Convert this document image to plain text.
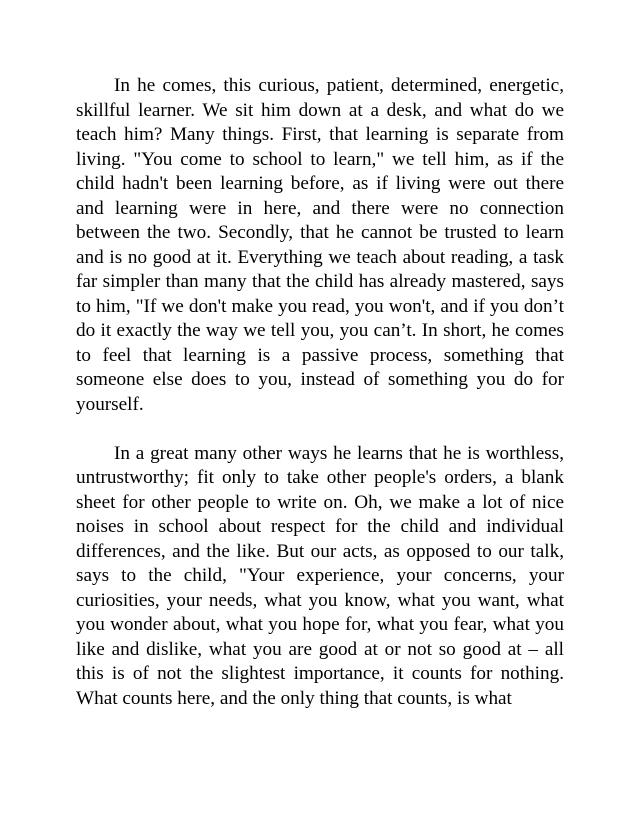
In he comes, this curious, patient, determined, energetic, skillful learner. We sit him down at a desk, and what do we teach him? Many things. First, that learning is separate from living. "You come to school to learn," we tell him, as if the child hadn't been learning before, as if living were out there and learning were in here, and there were no connection between the two. Secondly, that he cannot be trusted to learn and is no good at it. Everything we teach about reading, a task far simpler than many that the child has already mastered, says to him, "If we don't make you read, you won't, and if you don’t do it exactly the way we tell you, you can’t. In short, he comes to feel that learning is a passive process, something that someone else does to you, instead of something you do for yourself.

In a great many other ways he learns that he is worthless, untrustworthy; fit only to take other people's orders, a blank sheet for other people to write on. Oh, we make a lot of nice noises in school about respect for the child and individual differences, and the like. But our acts, as opposed to our talk, says to the child, "Your experience, your concerns, your curiosities, your needs, what you know, what you want, what you wonder about, what you hope for, what you fear, what you like and dislike, what you are good at or not so good at – all this is of not the slightest importance, it counts for nothing. What counts here, and the only thing that counts, is what
